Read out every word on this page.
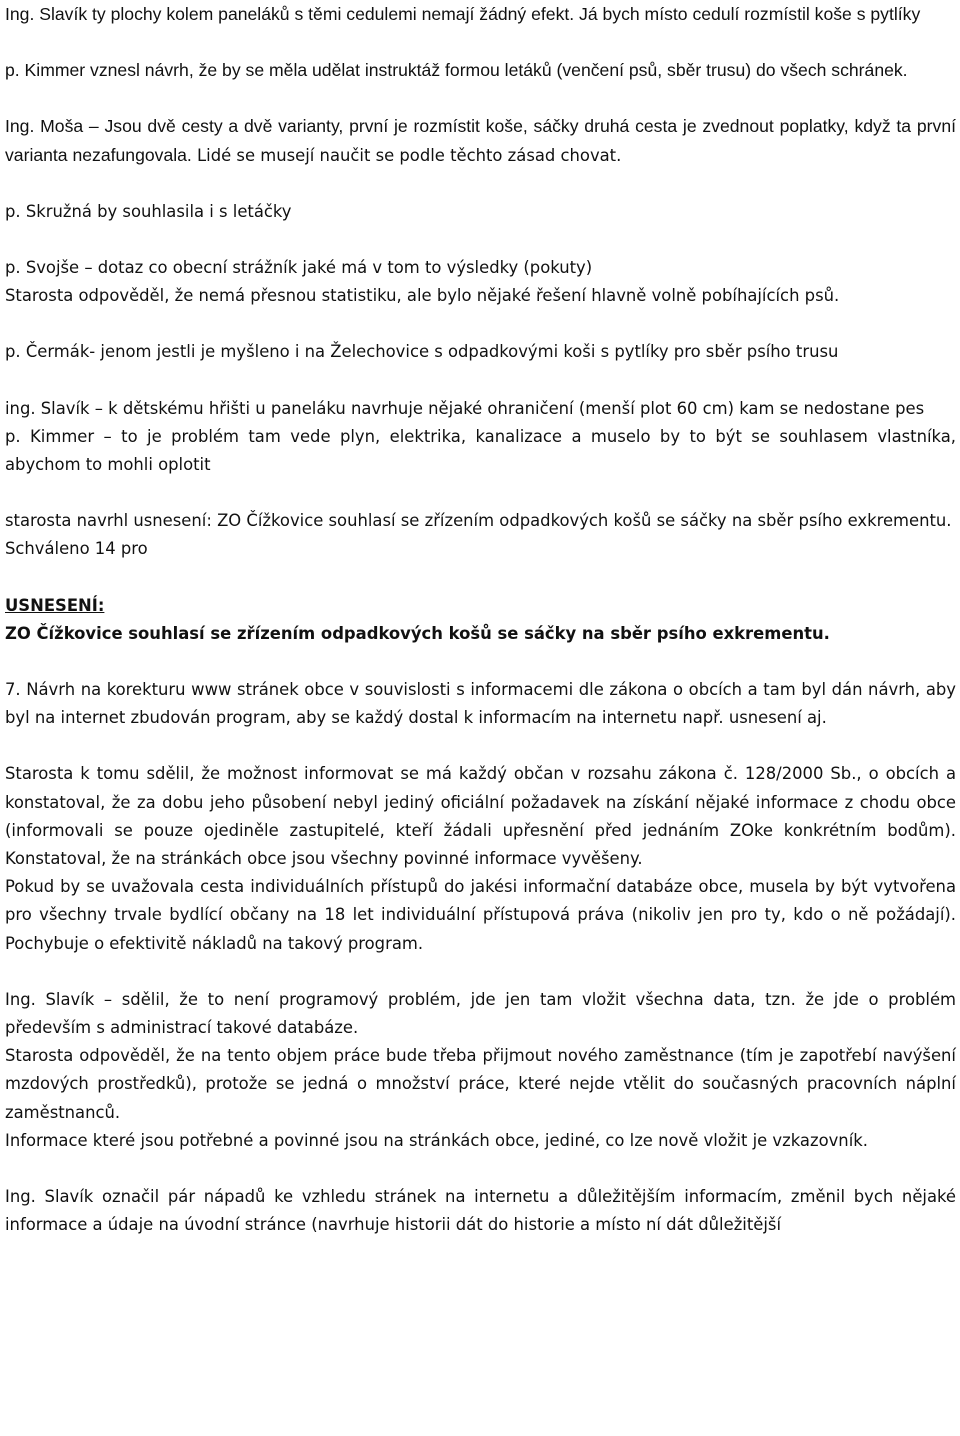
Ing. Slavík ty plochy kolem paneláků s těmi cedulemi nemají žádný efekt. Já bych místo cedulí rozmístil koše s pytlíky

p. Kimmer vznesl návrh, že by se měla udělat instruktáž formou letáků (venčení psů, sběr trusu) do všech schránek.

Ing. Moša – Jsou dvě cesty a dvě varianty, první je rozmístit koše, sáčky druhá cesta je zvednout poplatky, když ta první varianta nezafungovala. Lidé se musejí naučit se podle těchto zásad chovat.

p. Skružná by souhlasila i s letáčky

p. Svojše – dotaz co obecní strážník jaké má v tom to výsledky (pokuty)

Starosta odpověděl, že nemá přesnou statistiku, ale bylo nějaké řešení hlavně volně pobíhajících psů.

p. Čermák- jenom jestli je myšleno i na Želechovice s odpadkovými koši s pytlíky pro sběr psího trusu

ing. Slavík – k dětskému hřišti u paneláku navrhuje nějaké ohraničení (menší plot 60 cm) kam se nedostane pes

p. Kimmer – to je problém tam vede plyn, elektrika, kanalizace a muselo by to být se souhlasem vlastníka, abychom to mohli oplotit

starosta navrhl usnesení: ZO Čížkovice souhlasí se zřízením odpadkových košů se sáčky na sběr psího exkrementu.

Schváleno 14 pro

USNESENÍ:

ZO Čížkovice souhlasí se zřízením odpadkových košů se sáčky na sběr psího exkrementu.

7. Návrh na korekturu www stránek obce v souvislosti s informacemi dle zákona o obcích a tam byl dán návrh, aby byl na internet zbudován program, aby se každý dostal k informacím na internetu např. usnesení aj.

Starosta k tomu sdělil, že možnost informovat se má každý občan v rozsahu zákona č. 128/2000 Sb., o obcích a konstatoval, že za dobu jeho působení nebyl jediný oficiální požadavek na získání nějaké informace z chodu obce (informovali se pouze ojediněle zastupitelé, kteří žádali upřesnění před jednáním ZOke konkrétním bodům). Konstatoval, že na stránkách obce jsou všechny povinné informace vyvěšeny.

Pokud by se uvažovala cesta individuálních přístupů do jakési informační databáze obce, musela by být vytvořena pro všechny trvale bydlící občany na 18 let individuální přístupová práva (nikoliv jen pro ty, kdo o ně požádají). Pochybuje o efektivitě nákladů na takový program.

Ing. Slavík – sdělil, že to není programový problém, jde jen tam vložit všechna data, tzn. že jde o problém především s administrací takové databáze.

Starosta odpověděl, že na tento objem práce bude třeba přijmout nového zaměstnance (tím je zapotřebí navýšení mzdových prostředků), protože se jedná o množství práce, které nejde vtělit do současných pracovních náplní zaměstnanců.

Informace které jsou potřebné a povinné jsou na stránkách obce, jediné, co lze nově vložit je vzkazovník.

Ing. Slavík označil pár nápadů ke vzhledu stránek na internetu a důležitějším informacím, změnil bych nějaké informace a údaje na úvodní stránce (navrhuje historii dát do historie a místo ní dát důležitější
